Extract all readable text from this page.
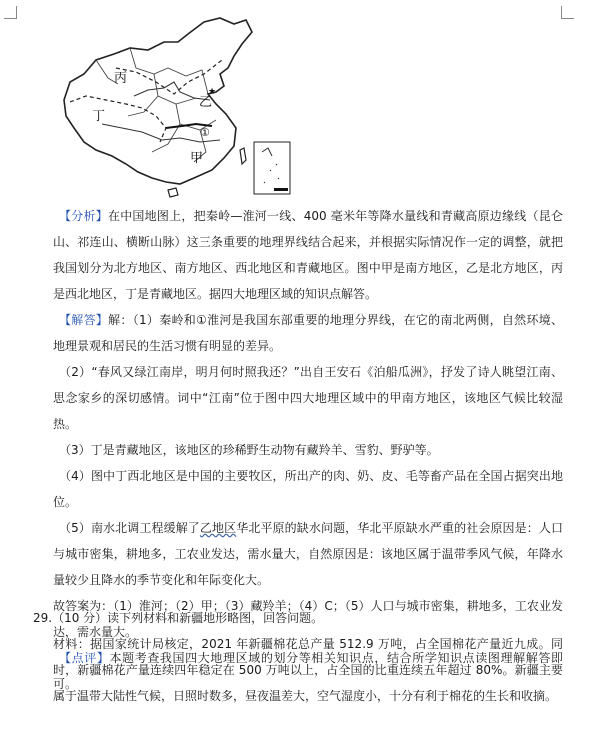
★
丙
乙
丁
甲
①

【分析】在中国地图上，把秦岭—淮河一线、400 毫米年等降水量线和青藏高原边缘线（昆仑山、祁连山、横断山脉）这三条重要的地理界线结合起来，并根据实际情况作一定的调整，就把我国划分为北方地区、南方地区、西北地区和青藏地区。图中甲是南方地区，乙是北方地区，丙是西北地区，丁是青藏地区。据四大地理区域的知识点解答。

【解答】解：（1）秦岭和①淮河是我国东部重要的地理分界线，在它的南北两侧，自然环境、地理景观和居民的生活习惯有明显的差异。

（2）“春风又绿江南岸，明月何时照我还？”出自王安石《泊船瓜洲》，抒发了诗人眺望江南、思念家乡的深切感情。词中“江南”位于图中四大地理区域中的甲南方地区，该地区气候比较湿热。

（3）丁是青藏地区，该地区的珍稀野生动物有藏羚羊、雪豹、野驴等。

（4）图中丁西北地区是中国的主要牧区，所出产的肉、奶、皮、毛等畜产品在全国占据突出地位。

（5）南水北调工程缓解了乙地区华北平原的缺水问题，华北平原缺水严重的社会原因是：人口与城市密集，耕地多，工农业发达，需水量大，自然原因是：该地区属于温带季风气候，年降水量较少且降水的季节变化和年际变化大。

故答案为：（1）淮河；（2）甲；（3）藏羚羊；（4）C；（5）人口与城市密集，耕地多，工农业发达，需水量大。

【点评】本题考查我国四大地理区域的划分等相关知识点，结合所学知识点读图理解解答即可。

29.（10 分）读下列材料和新疆地形略图，回答问题。

材料：据国家统计局核定，2021 年新疆棉花总产量 512.9 万吨，占全国棉花产量近九成。同时，新疆棉花产量连续四年稳定在 500 万吨以上，占全国的比重连续五年超过 80%。新疆主要属于温带大陆性气候，日照时数多，昼夜温差大，空气湿度小，十分有利于棉花的生长和收摘。
